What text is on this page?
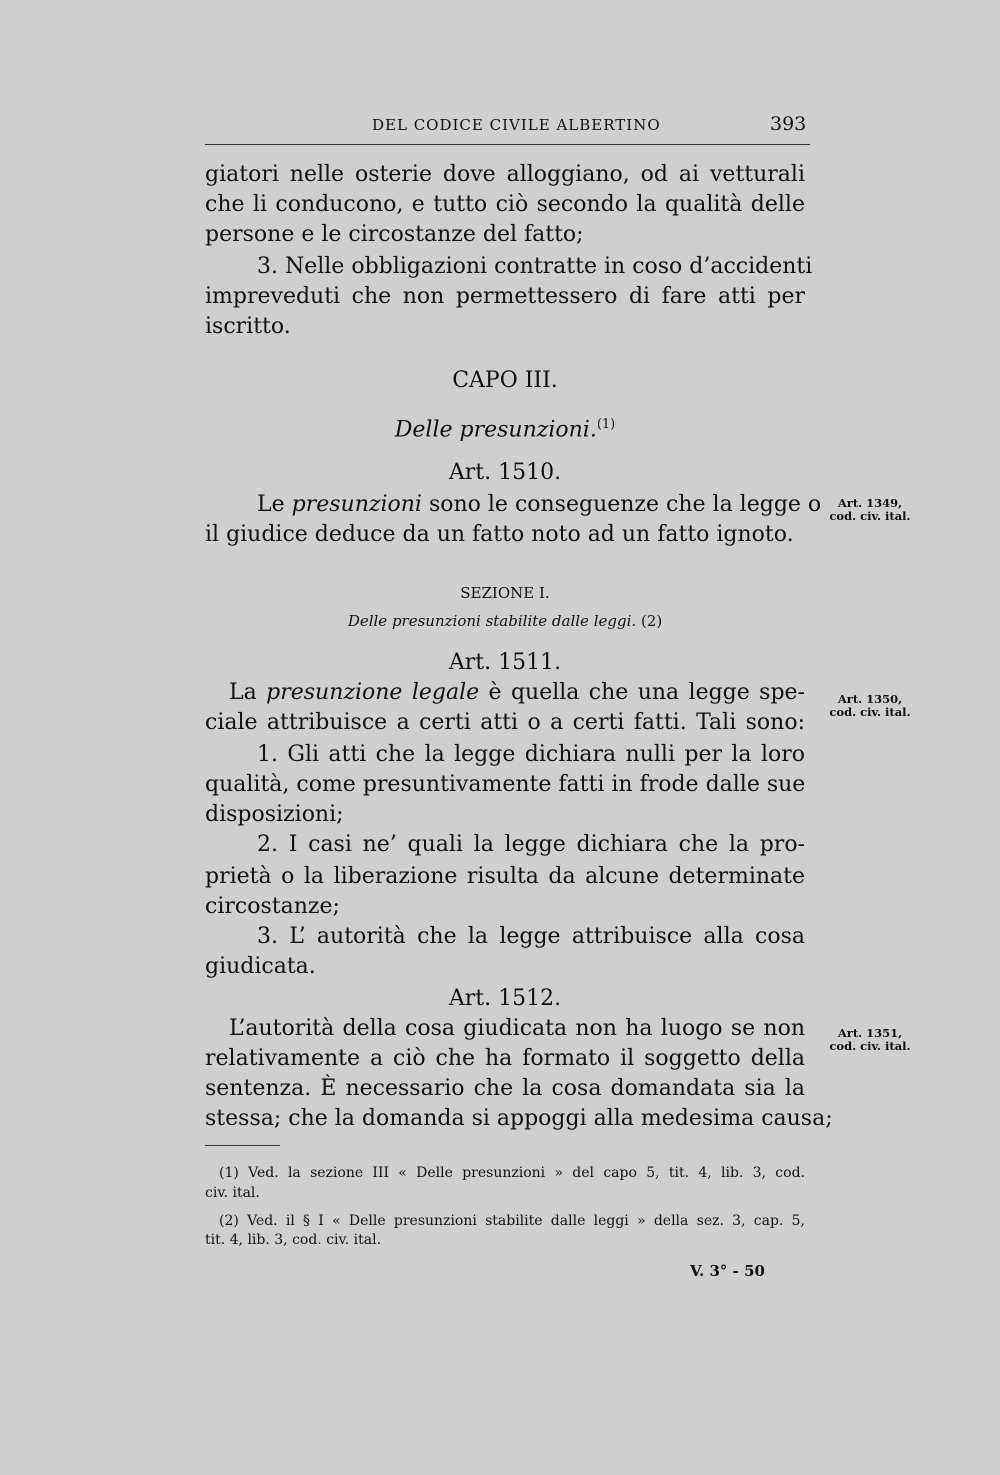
DEL CODICE CIVILE ALBERTINO	393
giatori nelle osterie dove alloggiano, od ai vetturali
che li conducono, e tutto ciò secondo la qualità delle
persone e le circostanze del fatto;
3. Nelle obbligazioni contratte in coso d’accidenti
impreveduti che non permettessero di fare atti per
iscritto.
CAPO III.
Delle presunzioni.$^{(1)}$
Art. 1510.
Le presunzioni sono le conseguenze che la legge o
il giudice deduce da un fatto noto ad un fatto ignoto.
Art. 1349,
cod. civ. ital.
SEZIONE I.
Delle presunzioni stabilite dalle leggi. (2)
Art. 1511.
La presunzione legale è quella che una legge spe-
ciale attribuisce a certi atti o a certi fatti. Tali sono:
1. Gli atti che la legge dichiara nulli per la loro
qualità, come presuntivamente fatti in frode dalle sue
disposizioni;
2. I casi ne’ quali la legge dichiara che la pro-
prietà o la liberazione risulta da alcune determinate
circostanze;
3. L’ autorità che la legge attribuisce alla cosa
giudicata.
Art. 1350,
cod. civ. ital.
Art. 1512.
L’autorità della cosa giudicata non ha luogo se non
relativamente a ciò che ha formato il soggetto della
sentenza. È necessario che la cosa domandata sia la
stessa; che la domanda si appoggi alla medesima causa;
Art. 1351,
cod. civ. ital.
(1) Ved. la sezione III « Delle presunzioni » del capo 5, tit. 4, lib. 3, cod.
civ. ital.
(2) Ved. il § I « Delle presunzioni stabilite dalle leggi » della sez. 3, cap. 5,
tit. 4, lib. 3, cod. civ. ital.
V. 3° - 50
